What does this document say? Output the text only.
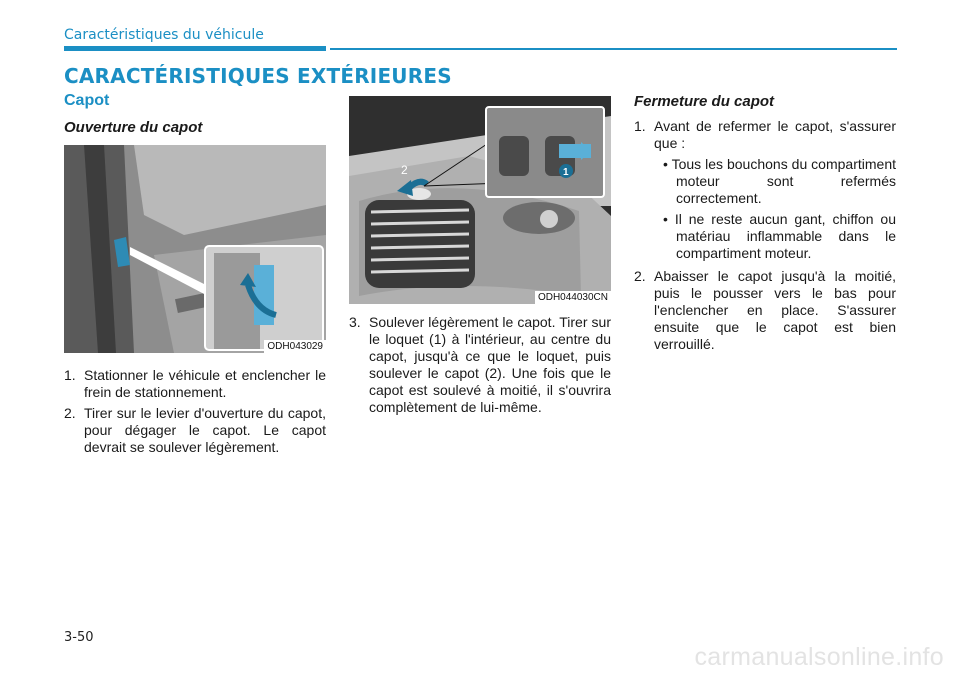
Caractéristiques du véhicule
CARACTÉRISTIQUES EXTÉRIEURES
Capot
Ouverture du capot
ODH043029
1. Stationner le véhicule et enclencher le frein de stationnement.
2. Tirer sur le levier d'ouverture du capot, pour dégager le capot. Le capot devrait se soulever légèrement.
1
2
ODH044030CN
3. Soulever légèrement le capot. Tirer sur le loquet (1) à l'intérieur, au centre du capot, jusqu'à ce que le loquet, puis soulever le capot (2). Une fois que le capot est soulevé à moitié, il s'ouvrira complètement de lui-même.
Fermeture du capot
1. Avant de refermer le capot, s'assurer que :
• Tous les bouchons du compartiment moteur sont refermés correctement.
• Il ne reste aucun gant, chiffon ou matériau inflammable dans le compartiment moteur.
2. Abaisser le capot jusqu'à la moitié, puis le pousser vers le bas pour l'enclencher en place. S'assurer ensuite que le capot est bien verrouillé.
3-50
carmanualsonline.info
